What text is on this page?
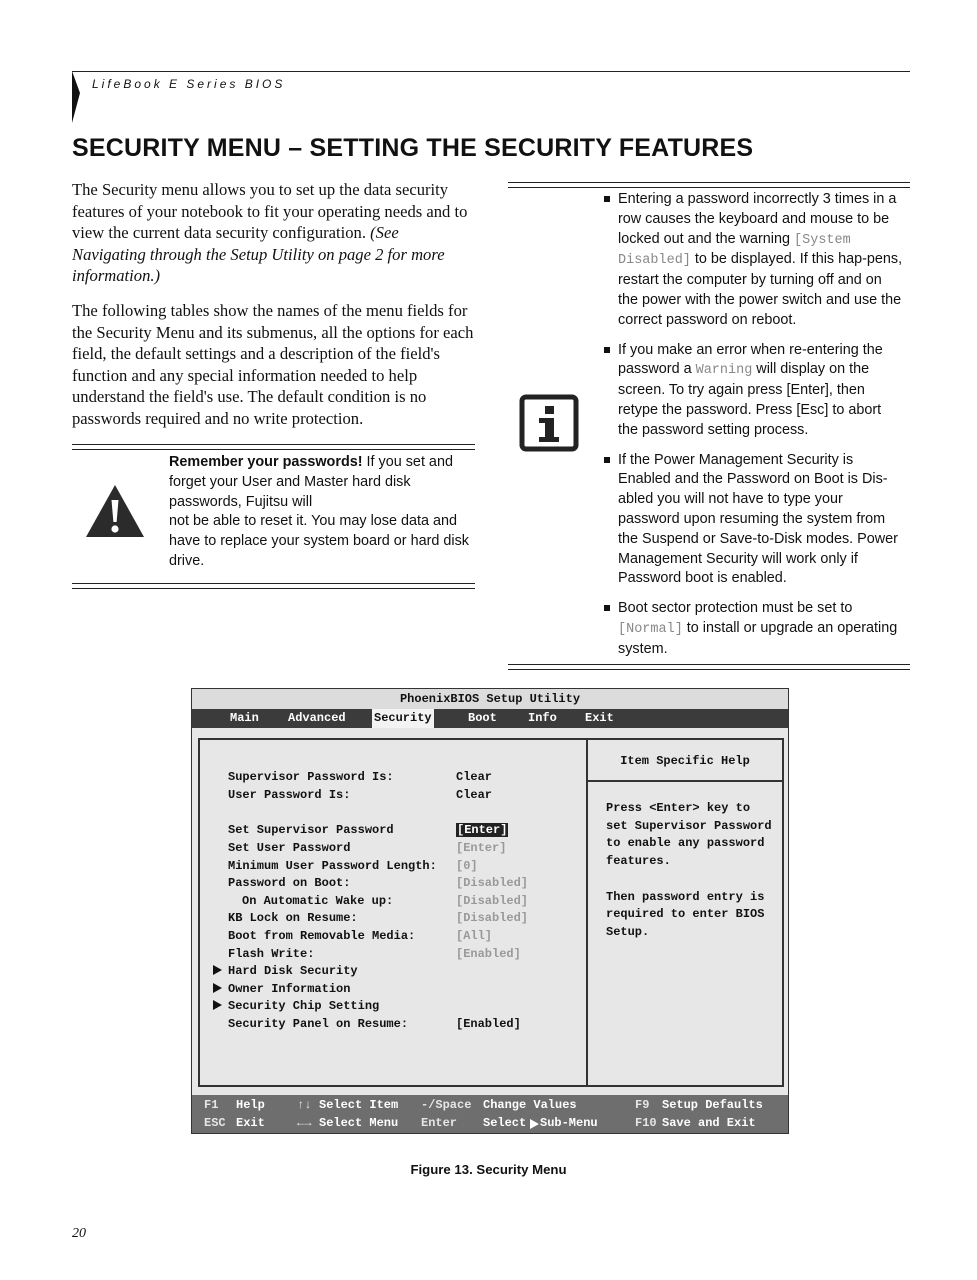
LifeBook E Series BIOS
SECURITY MENU – SETTING THE SECURITY FEATURES
The Security menu allows you to set up the data security features of your notebook to fit your operating needs and to view the current data security configuration. (See Navigating through the Setup Utility on page 2 for more information.)
The following tables show the names of the menu fields for the Security Menu and its submenus, all the options for each field, the default settings and a description of the field's function and any special information needed to help understand the field's use. The default condition is no passwords required and no write protection.
Remember your passwords! If you set and forget your User and Master hard disk passwords, Fujitsu will
not be able to reset it. You may lose data and have to replace your system board or hard disk drive.
Entering a password incorrectly 3 times in a row causes the keyboard and mouse to be locked out and the warning [System Disabled] to be displayed. If this hap-pens, restart the computer by turning off and on the power with the power switch and use the correct password on reboot.
If you make an error when re-entering the password a Warning will display on the screen. To try again press [Enter], then retype the password. Press [Esc] to abort the password setting process.
If the Power Management Security is Enabled and the Password on Boot is Dis-abled you will not have to type your password upon resuming the system from the Suspend or Save-to-Disk modes. Power Management Security will work only if Password boot is enabled.
Boot sector protection must be set to [Normal] to install or upgrade an operating system.
PhoenixBIOS Setup Utility
Main Advanced Security	Boot	Info Exit
Supervisor Password Is:	Clear
User Password Is:	Clear
Set Supervisor Password	[Enter]
Set User Password	[Enter]
Minimum User Password Length: [0]
Password on Boot:	[Disabled]
On Automatic Wake up:	[Disabled]
KB Lock on Resume:	[Disabled]
Boot from Removable Media:	[All]
Flash Write:	[Enabled]
Hard Disk Security
Owner Information
Security Chip Setting
Security Panel on Resume:	[Enabled]
Item Specific Help
Press <Enter> key to
set Supervisor Password
to enable any password
features.

Then password entry is
required to enter BIOS
Setup.
F1 Help	↑↓ Select Item -/Space Change Values	F9 Setup Defaults
ESC Exit	←→ Select Menu Enter Select Sub-Menu	F10 Save and Exit
Figure 13. Security Menu
20
